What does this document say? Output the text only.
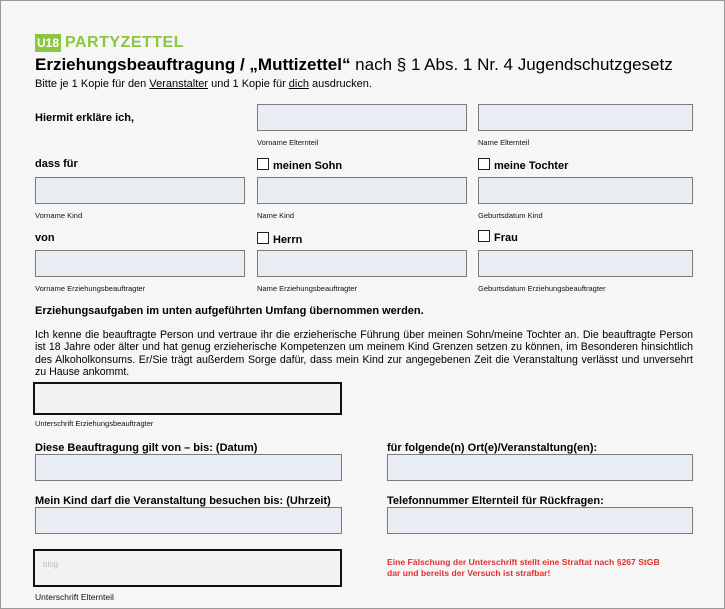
U18 PARTYZETTEL
Erziehungsbeauftragung / „Muttizettel“ nach § 1 Abs. 1 Nr. 4 Jugendschutzgesetz
Bitte je 1 Kopie für den Veranstalter und 1 Kopie für dich ausdrucken.
Hiermit erkläre ich,
Vorname Elternteil	Name Elternteil
dass für	meinen Sohn	meine Tochter
Vorname Kind	Name Kind	Geburtsdatum Kind
von	Herrn	Frau
Vorname Erziehungsbeauftragter	Name Erziehungsbeauftragter	Geburtsdatum Erziehungsbeauftragter
Erziehungsaufgaben im unten aufgeführten Umfang übernommen werden.
Ich kenne die beauftragte Person und vertraue ihr die erzieherische Führung über meinen Sohn/meine Tochter an. Die beauftragte Person ist 18 Jahre oder älter und hat genug erzieherische Kompetenzen um meinem Kind Grenzen setzen zu können, im Besonderen hinsichtlich des Alkoholkonsums. Er/Sie trägt außerdem Sorge dafür, dass mein Kind zur angegebenen Zeit die Veranstaltung verlässt und unversehrt zu Hause ankommt.
Unterschrift Erziehungsbeauftragter
Diese Beauftragung gilt von – bis: (Datum)	für folgende(n) Ort(e)/Veranstaltung(en):
Mein Kind darf die Veranstaltung besuchen bis: (Uhrzeit)	Telefonnummer Elternteil für Rückfragen:
blog
Unterschrift Elternteil
Eine Fälschung der Unterschrift stellt eine Straftat nach §267 StGB
dar und bereits der Versuch ist strafbar!
